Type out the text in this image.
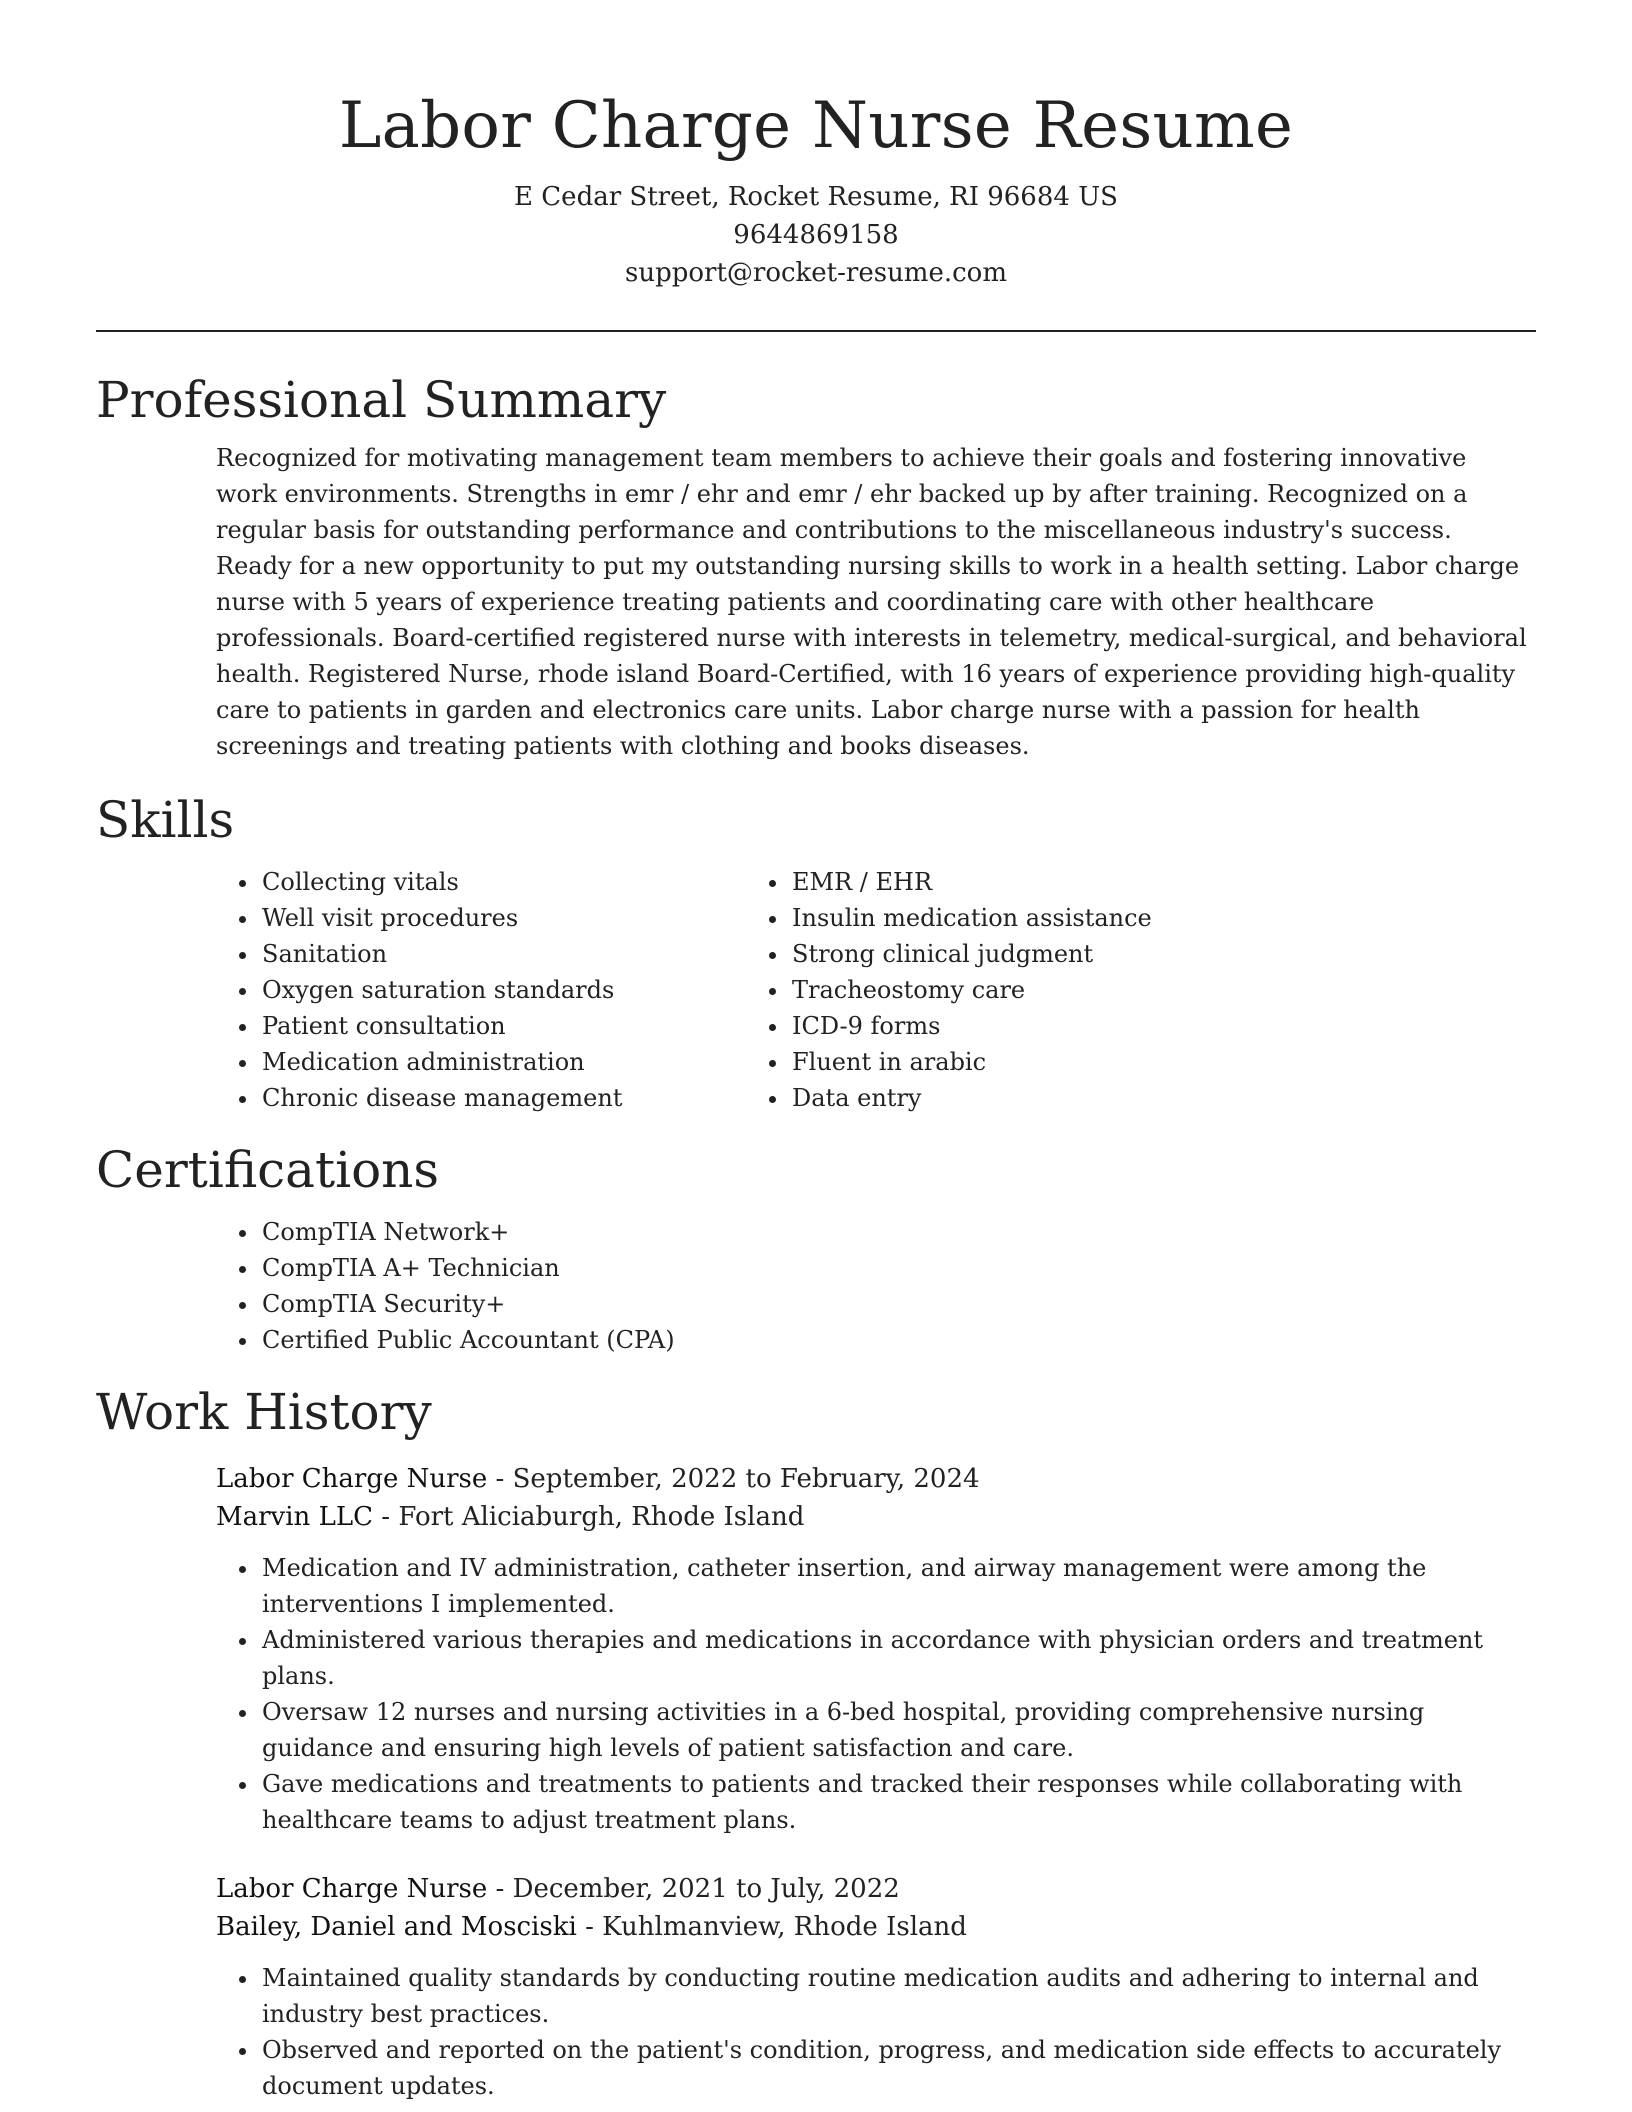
Labor Charge Nurse Resume

E Cedar Street, Rocket Resume, RI 96684 US

9644869158

support@rocket-resume.com

Professional Summary

Recognized for motivating management team members to achieve their goals and fostering innovative work environments. Strengths in emr / ehr and emr / ehr backed up by after training. Recognized on a regular basis for outstanding performance and contributions to the miscellaneous industry's success. Ready for a new opportunity to put my outstanding nursing skills to work in a health setting. Labor charge nurse with 5 years of experience treating patients and coordinating care with other healthcare professionals. Board-certified registered nurse with interests in telemetry, medical-surgical, and behavioral health. Registered Nurse, rhode island Board-Certified, with 16 years of experience providing high-quality care to patients in garden and electronics care units. Labor charge nurse with a passion for health screenings and treating patients with clothing and books diseases.

Skills
• Collecting vitals
• Well visit procedures
• Sanitation
• Oxygen saturation standards
• Patient consultation
• Medication administration
• Chronic disease management
• EMR / EHR
• Insulin medication assistance
• Strong clinical judgment
• Tracheostomy care
• ICD-9 forms
• Fluent in arabic
• Data entry
Certifications
• CompTIA Network+
• CompTIA A+ Technician
• CompTIA Security+
• Certified Public Accountant (CPA)
Work History
Labor Charge Nurse - September, 2022 to February, 2024
Marvin LLC - Fort Aliciaburgh, Rhode Island
• Medication and IV administration, catheter insertion, and airway management were among the interventions I implemented.
• Administered various therapies and medications in accordance with physician orders and treatment plans.
• Oversaw 12 nurses and nursing activities in a 6-bed hospital, providing comprehensive nursing guidance and ensuring high levels of patient satisfaction and care.
• Gave medications and treatments to patients and tracked their responses while collaborating with healthcare teams to adjust treatment plans.
Labor Charge Nurse - December, 2021 to July, 2022
Bailey, Daniel and Mosciski - Kuhlmanview, Rhode Island
• Maintained quality standards by conducting routine medication audits and adhering to internal and industry best practices.
• Observed and reported on the patient's condition, progress, and medication side effects to accurately document updates.
